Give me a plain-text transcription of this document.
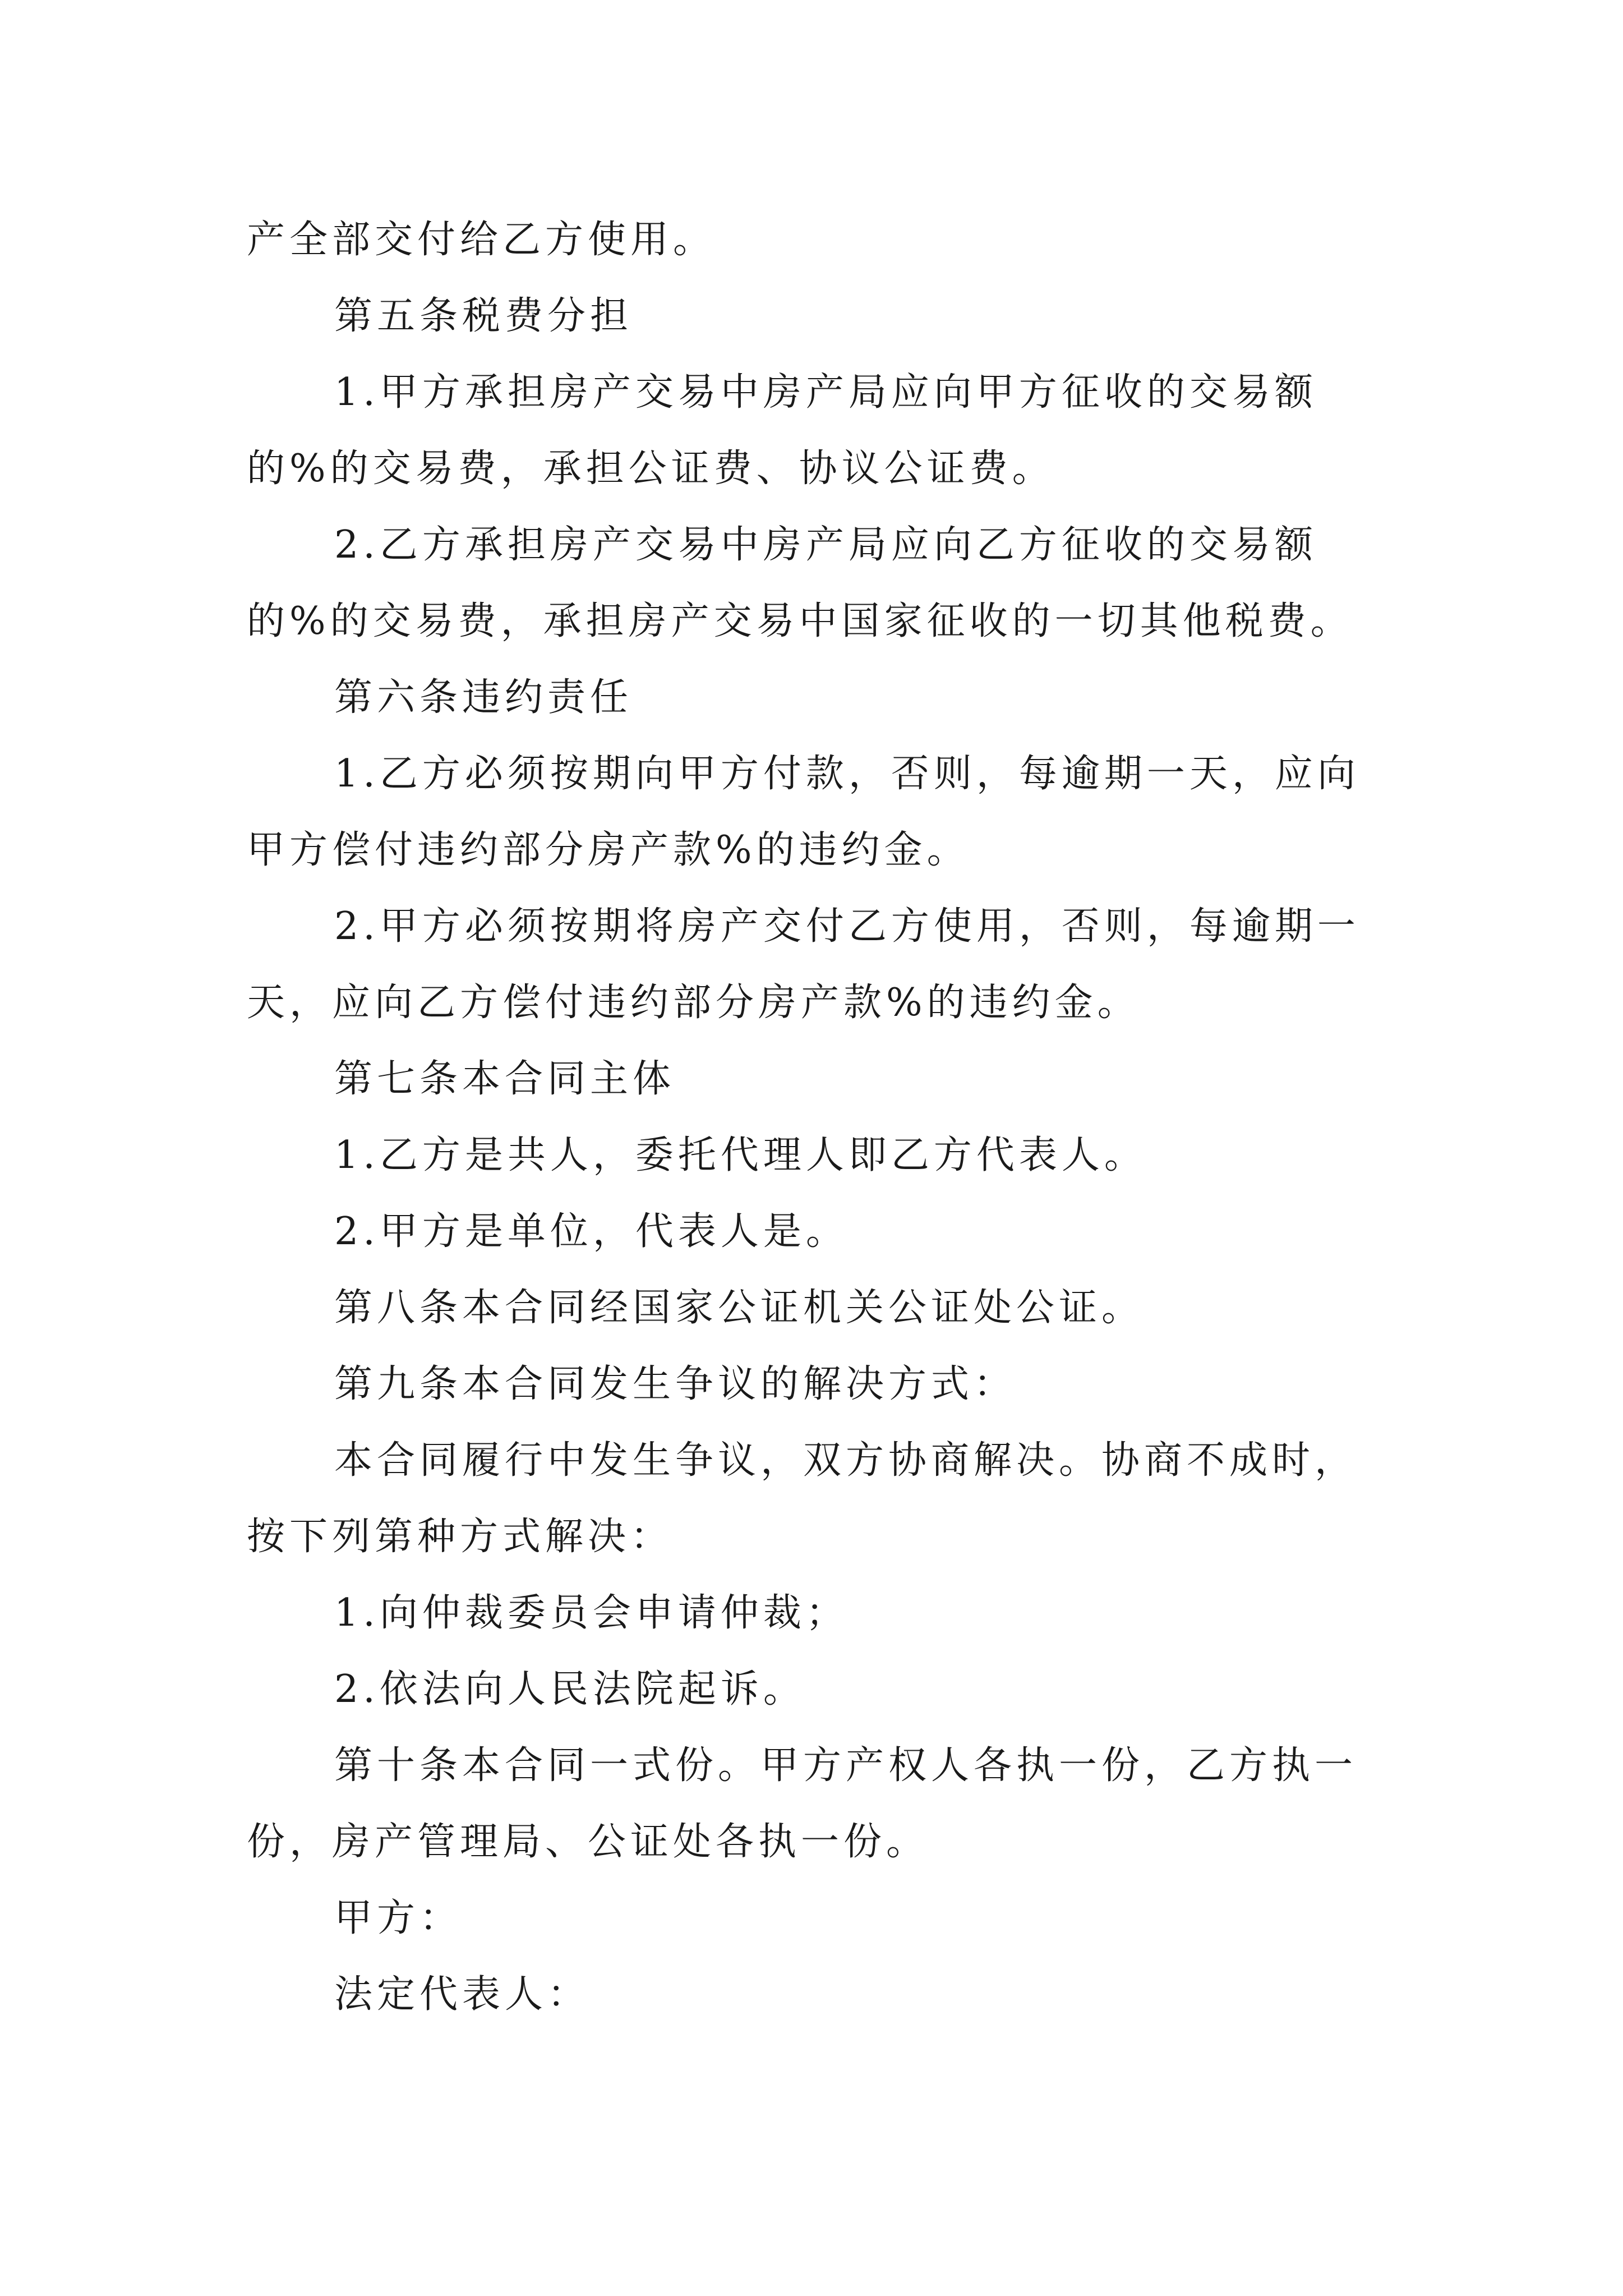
产全部交付给乙方使用。

第五条税费分担

1.甲方承担房产交易中房产局应向甲方征收的交易额的%的交易费，承担公证费、协议公证费。

2.乙方承担房产交易中房产局应向乙方征收的交易额的%的交易费，承担房产交易中国家征收的一切其他税费。

第六条违约责任

1.乙方必须按期向甲方付款，否则，每逾期一天，应向甲方偿付违约部分房产款%的违约金。

2.甲方必须按期将房产交付乙方使用，否则，每逾期一天，应向乙方偿付违约部分房产款%的违约金。

第七条本合同主体

1.乙方是共人，委托代理人即乙方代表人。

2.甲方是单位，代表人是。

第八条本合同经国家公证机关公证处公证。

第九条本合同发生争议的解决方式：

本合同履行中发生争议，双方协商解决。协商不成时，按下列第种方式解决：

1.向仲裁委员会申请仲裁；

2.依法向人民法院起诉。

第十条本合同一式份。甲方产权人各执一份，乙方执一份，房产管理局、公证处各执一份。

甲方：

法定代表人：
